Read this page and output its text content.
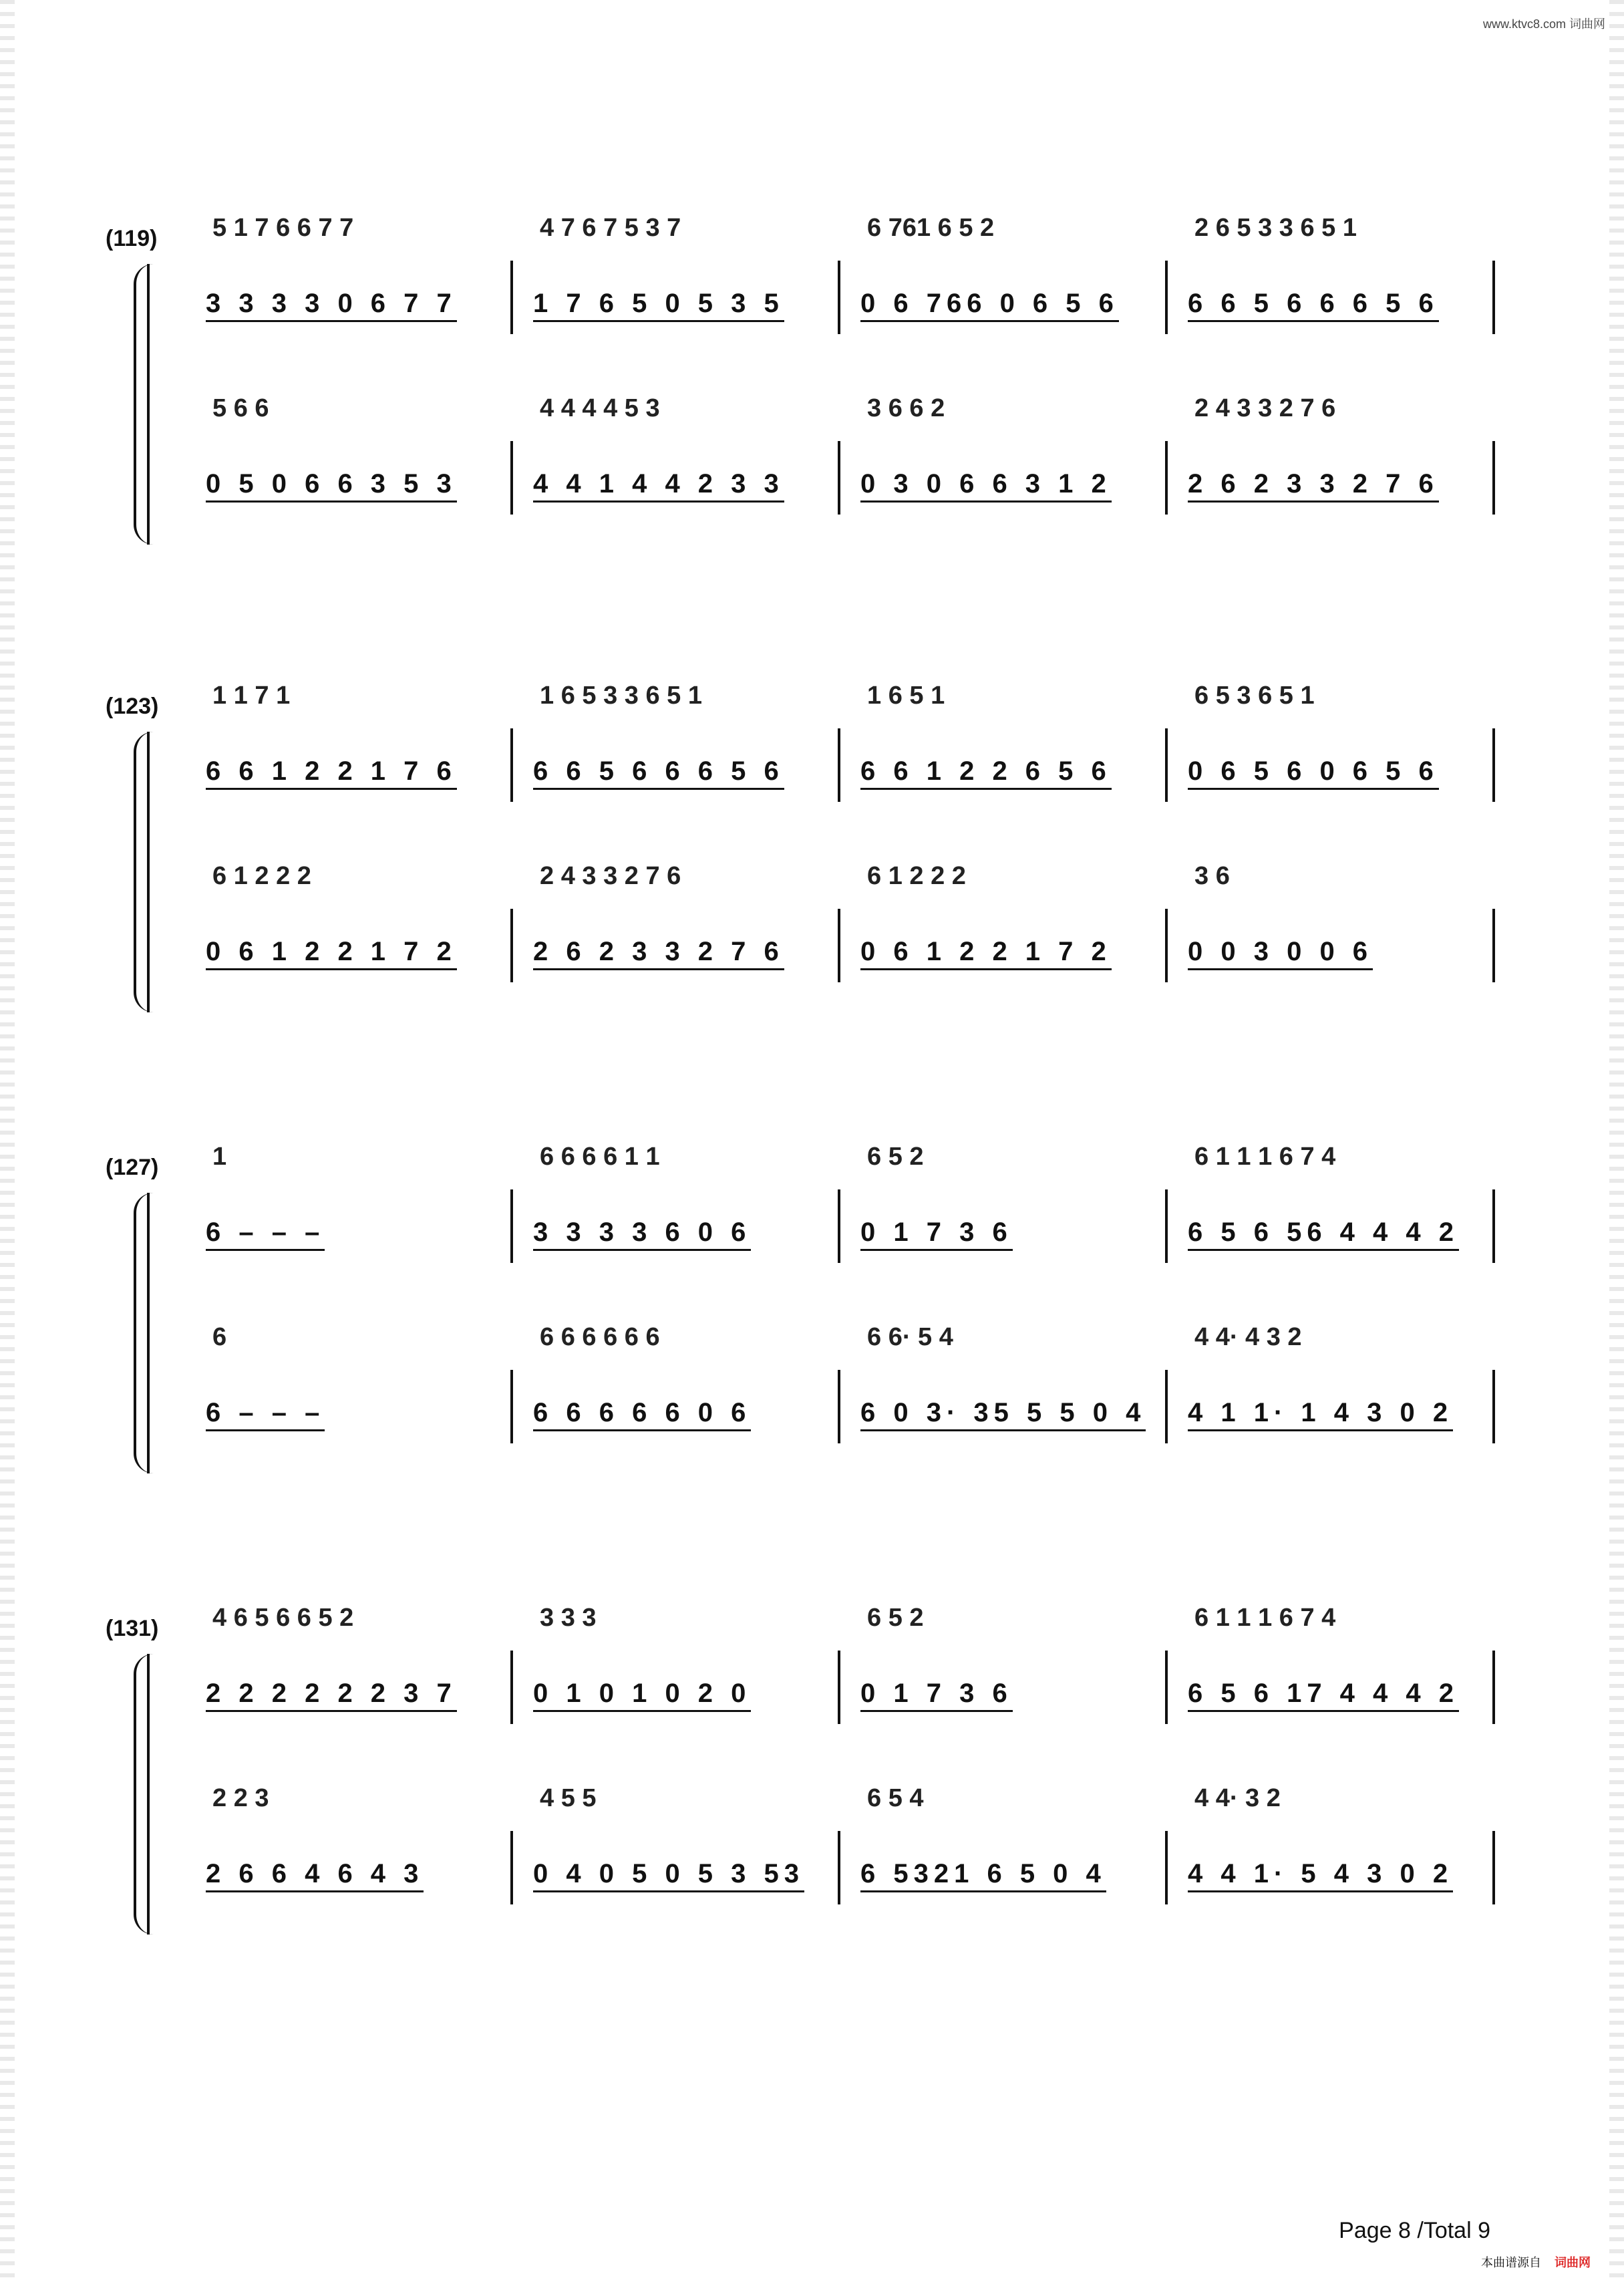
www.ktvc8.com 词曲网
(119) 5 1 7 6 6 7 7
3 3 3 3 0 6 7 7
4 7 6 7 5 3 7
1 7 6 5 0 5 3 5
6 761 6 5 2
0 6 766 0 6 5 6
2 6 5 3 3 6 5 1
6 6 5 6 6 6 5 6
5 6 6
0 5 0 6 6 3 5 3
4 4 4 4 5 3
4 4 1 4 4 2 3 3
3 6 6 2
0 3 0 6 6 3 1 2
2 4 3 3 2 7 6
2 6 2 3 3 2 7 6
(123) 1 1 7 1
6 6 1 2 2 1 7 6
1 6 5 3 3 6 5 1
6 6 5 6 6 6 5 6
1 6 5 1
6 6 1 2 2 6 5 6
6 5 3 6 5 1
0 6 5 6 0 6 5 6
6 1 2 2 2
0 6 1 2 2 1 7 2
2 4 3 3 2 7 6
2 6 2 3 3 2 7 6
6 1 2 2 2
0 6 1 2 2 1 7 2
3 6
0 0 3 0 0 6
(127) 1
6 – – –
6 6 6 6 1 1
3 3 3 3 6 0 6
6 5 2
0 1 7 3 6
6 1 1 1 6 7 4
6 5 6 56 4 4 4 2
6
6 – – –
6 6 6 6 6 6
6 6 6 6 6 0 6
6 6· 5 4
6 0 3· 35 5 5 0 4
4 4· 4 3 2
4 1 1· 1 4 3 0 2
(131) 4 6 5 6 6 5 2
2 2 2 2 2 2 3 7
3 3 3
0 1 0 1 0 2 0
6 5 2
0 1 7 3 6
6 1 1 1 6 7 4
6 5 6 17 4 4 4 2
2 2 3
2 6 6 4 6 4 3
4 5 5
0 4 0 5 0 5 3 53
6 5 4
6 5321 6 5 0 4
4 4· 3 2
4 4 1· 5 4 3 0 2
Page 8 /Total 9
本曲谱源自 词曲网
